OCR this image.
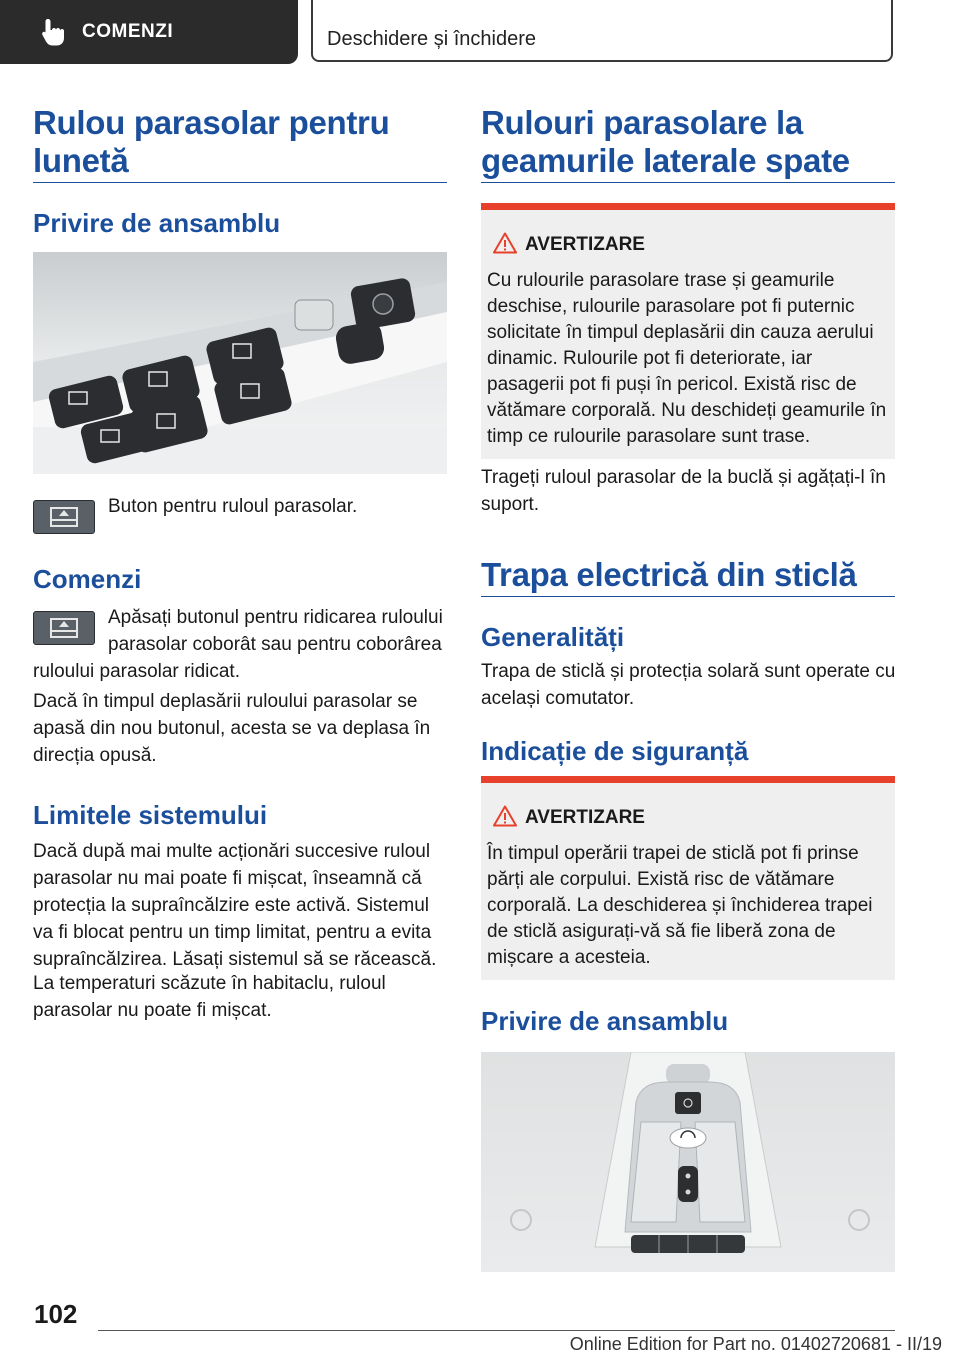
COMENZI	Deschidere și închidere
Rulou parasolar pentru lunetă
Privire de ansamblu
Buton pentru ruloul parasolar.
Comenzi
Apăsați butonul pentru ridicarea ruloului
parasolar coborât sau pentru coborârea
ruloului parasolar ridicat.
Dacă în timpul deplasării ruloului parasolar se apasă din nou butonul, acesta se va deplasa în direcția opusă.
Limitele sistemului
Dacă după mai multe acționări succesive ruloul parasolar nu mai poate fi mișcat, înseamnă că protecția la supraîncălzire este activă. Sistemul va fi blocat pentru un timp limitat, pentru a evita supraîncălzirea. Lăsați sistemul să se răcească.
La temperaturi scăzute în habitaclu, ruloul parasolar nu poate fi mișcat.
Rulouri parasolare la geamurile laterale spate
AVERTIZARE
Cu rulourile parasolare trase și geamurile deschise, rulourile parasolare pot fi puternic solicitate în timpul deplasării din cauza aerului dinamic. Rulourile pot fi deteriorate, iar pasagerii pot fi puși în pericol. Există risc de vătămare corporală. Nu deschideți geamurile în timp ce rulourile parasolare sunt trase.
Trageți ruloul parasolar de la buclă și agățați-l în suport.
Trapa electrică din sticlă
Generalități
Trapa de sticlă și protecția solară sunt operate cu același comutator.
Indicație de siguranță
AVERTIZARE
În timpul operării trapei de sticlă pot fi prinse părți ale corpului. Există risc de vătămare corporală. La deschiderea și închiderea trapei de sticlă asigurați-vă să fie liberă zona de mișcare a acesteia.
Privire de ansamblu
102
Online Edition for Part no. 01402720681 - II/19
